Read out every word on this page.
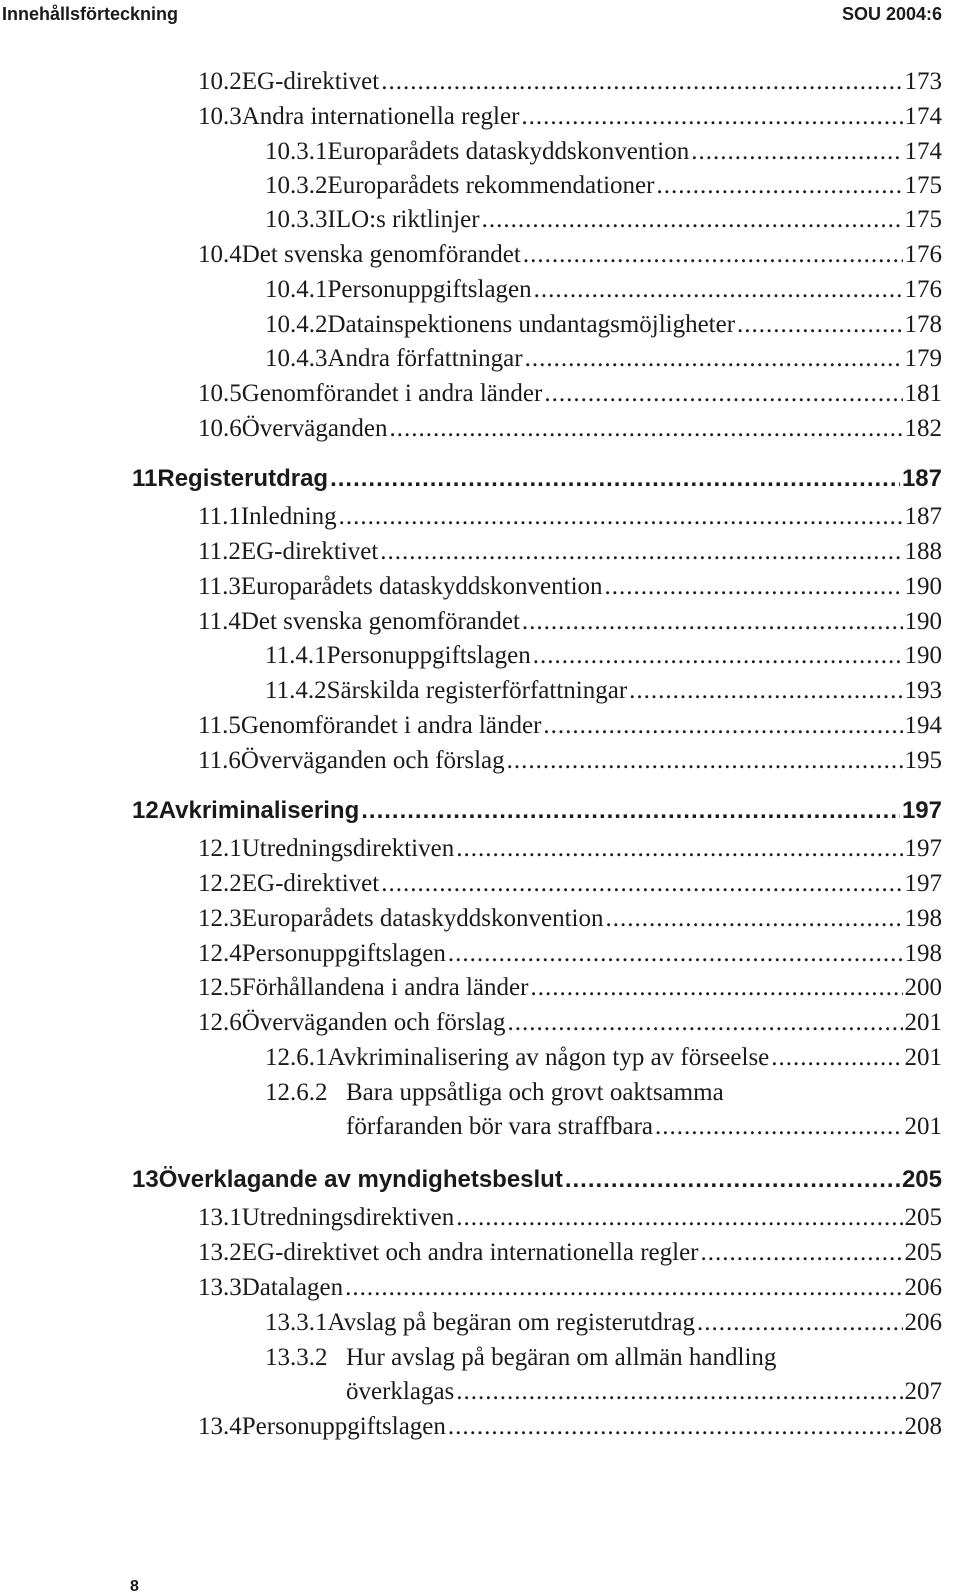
Innehållsförteckning	SOU 2004:6
10.2 EG-direktivet .....	173
10.3 Andra internationella regler .....	174
10.3.1 Europarådets dataskyddskonvention .....	174
10.3.2 Europarådets rekommendationer .....	175
10.3.3 ILO:s riktlinjer .....	175
10.4 Det svenska genomförandet .....	176
10.4.1 Personuppgiftslagen .....	176
10.4.2 Datainspektionens undantagsmöjligheter .....	178
10.4.3 Andra författningar .....	179
10.5 Genomförandet i andra länder .....	181
10.6 Överväganden .....	182
11 Registerutdrag .....	187
11.1 Inledning .....	187
11.2 EG-direktivet .....	188
11.3 Europarådets dataskyddskonvention .....	190
11.4 Det svenska genomförandet .....	190
11.4.1 Personuppgiftslagen .....	190
11.4.2 Särskilda registerförfattningar .....	193
11.5 Genomförandet i andra länder .....	194
11.6 Överväganden och förslag .....	195
12 Avkriminalisering .....	197
12.1 Utredningsdirektiven .....	197
12.2 EG-direktivet .....	197
12.3 Europarådets dataskyddskonvention .....	198
12.4 Personuppgiftslagen .....	198
12.5 Förhållandena i andra länder .....	200
12.6 Överväganden och förslag .....	201
12.6.1 Avkriminalisering av någon typ av förseelse .....	201
12.6.2 Bara uppsåtliga och grovt oaktsamma
förfaranden bör vara straffbara .....	201
13 Överklagande av myndighetsbeslut .....	205
13.1 Utredningsdirektiven .....	205
13.2 EG-direktivet och andra internationella regler .....	205
13.3 Datalagen .....	206
13.3.1 Avslag på begäran om registerutdrag .....	206
13.3.2 Hur avslag på begäran om allmän handling
överklagas .....	207
13.4 Personuppgiftslagen .....	208
8
